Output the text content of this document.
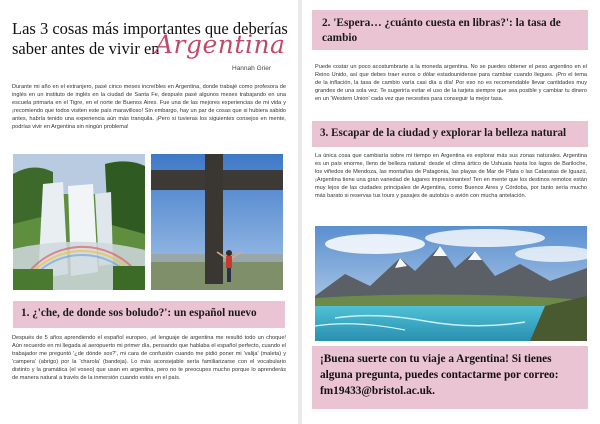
Las 3 cosas más importantes que deberías saber antes de vivir en
Argentina
Hannah Grier

Durante mi año en el extranjero, pasé cinco meses increíbles en Argentina, donde trabajé como profesora de inglés en un instituto de inglés en la ciudad de Santa Fe, después pasé algunos meses trabajando en una escuela primaria en el Tigre, en el norte de Buenos Aires. Fue una de las mejores experiencias de mi vida y ¡recomiendo que todos visiten este país maravilloso! Sin embargo, hay un par de cosas que si hubiera sabido antes, habría tenido una experiencia aún más tranquila. ¡Pero si tuvieras los siguientes consejos en mente, podrías vivir en Argentina sin ningún problema!

1. ¿'che, de donde sos boludo?': un español nuevo

Después de 5 años aprendiendo el español europeo, ¡el lenguaje de argentina me resultó todo un choque! Aún recuerdo en mi llegada al aeropuerto mi primer día, pensando que hablaba el español perfecto, cuando el trabajador me preguntó '¿de dónde sos?', mi cara de confusión cuando me pidió poner mi 'valija' (maleta) y 'campera' (abrigo) por la 'charola' (bandeja). Lo más aconsejable sería familiarizarse con el vocabulario distinto y la gramática (el voseo) que usan en argentina, pero no te preocupes mucho porque lo aprenderás de manera natural a través de la inmersión cuando estés en el país.

2. 'Espera… ¿cuánto cuesta en libras?': la tasa de cambio

Puede costar un poco acostumbrarte a la moneda argentina. No se puedes obtener el peso argentino en el Reino Unido, así que debes traer euros o dólar estadounidense para cambiar cuando llegues. ¡Pro el tema de la inflación, la tasa de cambio varía casi día a día! Por eso no es recomendable llevar cantidades muy grandes de una sola vez. Te sugeriría evitar el uso de la tarjeta siempre que sea posible y cambiar tu dinero en un 'Western Union' cada vez que necesites para conseguir la mejor tasa.

3. Escapar de la ciudad y explorar la belleza natural

La única cosa que cambiaría sobre mi tiempo en Argentina es explorar más sus zonas naturales. Argentina es un país enorme, lleno de belleza natural: desde el clima ártico de Ushuaia hasta los lagos de Bariloche, los viñedos de Mendoza, las montañas de Patagonia, las playas de Mar de Plata o las Cataratas de Iguazú, ¡Argentina tiene una gran variedad de lugares impresionantes! Ten en mente que los destinos remotos están muy lejos de las ciudades principales de Argentina, como Buenos Aires y Córdoba, por tanto sería mucho más barato si reservas tus tours y pasajes de autobús o avión con mucha antelación.

¡Buena suerte con tu viaje a Argentina! Si tienes alguna pregunta, puedes contactarme por correo: fm19433@bristol.ac.uk.
